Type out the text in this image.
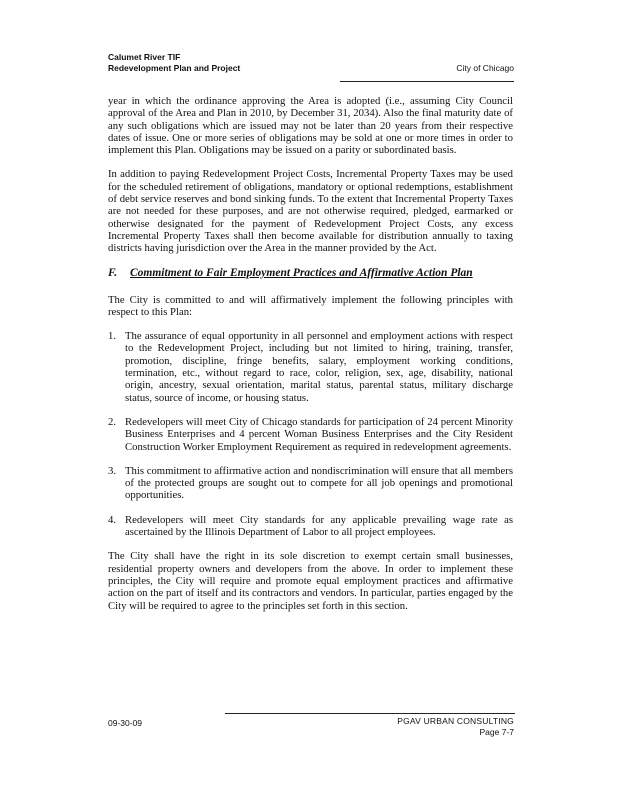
Calumet River TIF
Redevelopment Plan and Project	City of Chicago

year in which the ordinance approving the Area is adopted (i.e., assuming City Council approval of the Area and Plan in 2010, by December 31, 2034). Also the final maturity date of any such obligations which are issued may not be later than 20 years from their respective dates of issue. One or more series of obligations may be sold at one or more times in order to implement this Plan. Obligations may be issued on a parity or subordinated basis.

In addition to paying Redevelopment Project Costs, Incremental Property Taxes may be used for the scheduled retirement of obligations, mandatory or optional redemptions, establishment of debt service reserves and bond sinking funds. To the extent that Incremental Property Taxes are not needed for these purposes, and are not otherwise required, pledged, earmarked or otherwise designated for the payment of Redevelopment Project Costs, any excess Incremental Property Taxes shall then become available for distribution annually to taxing districts having jurisdiction over the Area in the manner provided by the Act.

F.	Commitment to Fair Employment Practices and Affirmative Action Plan

The City is committed to and will affirmatively implement the following principles with respect to this Plan:

1. The assurance of equal opportunity in all personnel and employment actions with respect to the Redevelopment Project, including but not limited to hiring, training, transfer, promotion, discipline, fringe benefits, salary, employment working conditions, termination, etc., without regard to race, color, religion, sex, age, disability, national origin, ancestry, sexual orientation, marital status, parental status, military discharge status, source of income, or housing status.
2. Redevelopers will meet City of Chicago standards for participation of 24 percent Minority Business Enterprises and 4 percent Woman Business Enterprises and the City Resident Construction Worker Employment Requirement as required in redevelopment agreements.
3. This commitment to affirmative action and nondiscrimination will ensure that all members of the protected groups are sought out to compete for all job openings and promotional opportunities.
4. Redevelopers will meet City standards for any applicable prevailing wage rate as ascertained by the Illinois Department of Labor to all project employees.

The City shall have the right in its sole discretion to exempt certain small businesses, residential property owners and developers from the above. In order to implement these principles, the City will require and promote equal employment practices and affirmative action on the part of itself and its contractors and vendors. In particular, parties engaged by the City will be required to agree to the principles set forth in this section.

09-30-09	PGAV URBAN CONSULTING
Page 7-7
